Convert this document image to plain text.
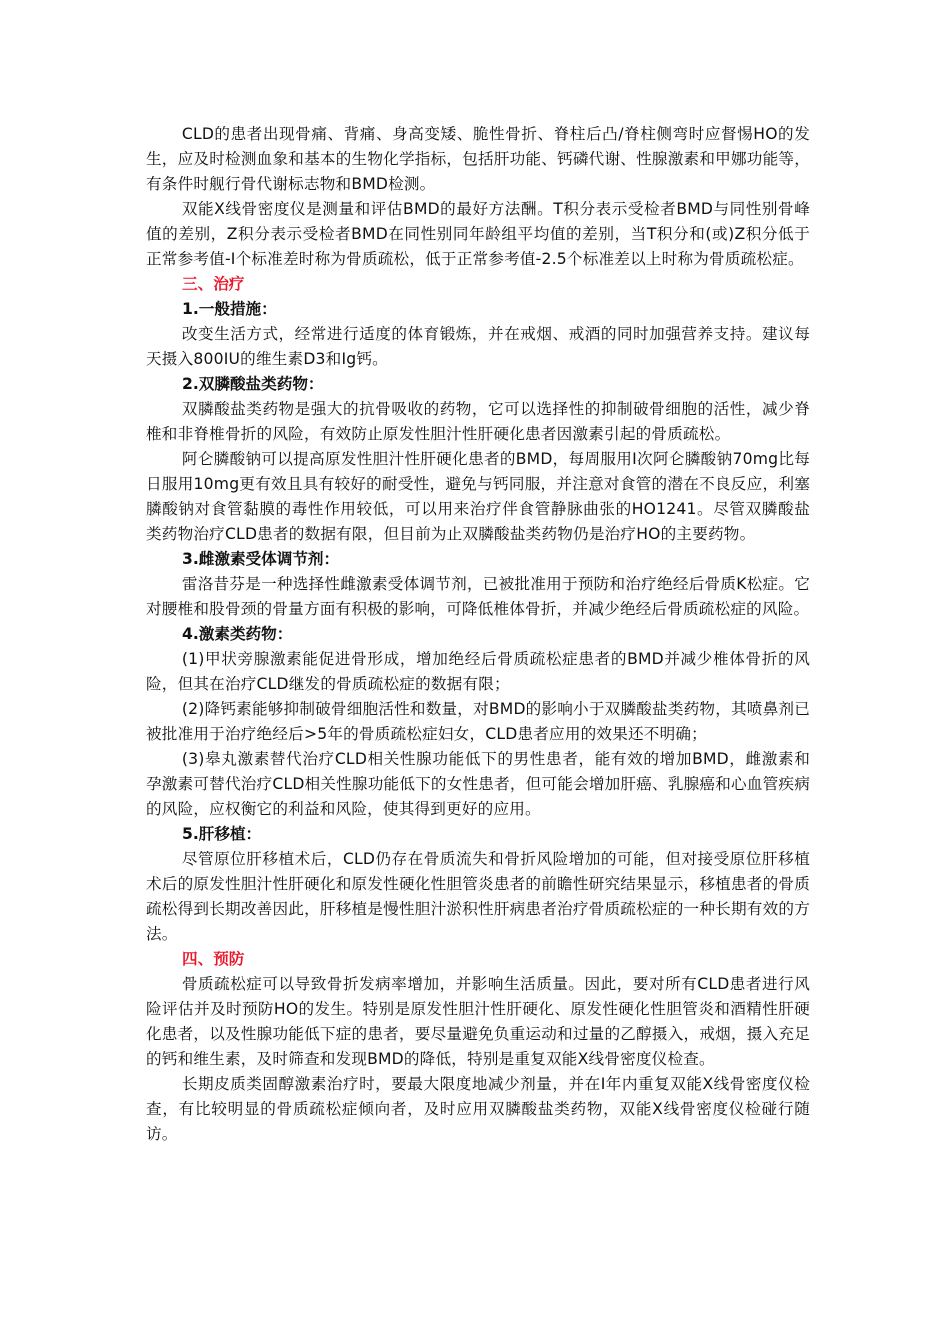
CLD的患者出现骨痛、背痛、身高变矮、脆性骨折、脊柱后凸/脊柱侧弯时应督惕HO的发生，应及时检测血象和基本的生物化学指标，包括肝功能、钙磷代谢、性腺激素和甲娜功能等，有条件时舰行骨代谢标志物和BMD检测。

双能X线骨密度仪是测量和评估BMD的最好方法酬。T积分表示受检者BMD与同性别骨峰值的差别，Z积分表示受检者BMD在同性别同年龄组平均值的差别，当T积分和(或)Z积分低于正常参考值-I个标准差时称为骨质疏松，低于正常参考值-2.5个标准差以上时称为骨质疏松症。

三、治疗

1.一般措施：

改变生活方式，经常进行适度的体育锻炼，并在戒烟、戒酒的同时加强营养支持。建议每天摄入800IU的维生素D3和Ig钙。

2.双膦酸盐类药物：

双膦酸盐类药物是强大的抗骨吸收的药物，它可以选择性的抑制破骨细胞的活性，减少脊椎和非脊椎骨折的风险，有效防止原发性胆汁性肝硬化患者因激素引起的骨质疏松。

阿仑膦酸钠可以提高原发性胆汁性肝硬化患者的BMD，每周服用I次阿仑膦酸钠70mg比每日服用10mg更有效且具有较好的耐受性，避免与钙同服，并注意对食管的潜在不良反应，利塞膦酸钠对食管黏膜的毒性作用较低，可以用来治疗伴食管静脉曲张的HO1241。尽管双膦酸盐类药物治疗CLD患者的数据有限，但目前为止双膦酸盐类药物仍是治疗HO的主要药物。

3.雌激素受体调节剂：

雷洛昔芬是一种选择性雌激素受体调节剂，已被批准用于预防和治疗绝经后骨质K松症。它对腰椎和股骨颈的骨量方面有积极的影响，可降低椎体骨折，并减少绝经后骨质疏松症的风险。

4.激素类药物：

(1)甲状旁腺激素能促进骨形成，增加绝经后骨质疏松症患者的BMD并减少椎体骨折的风险，但其在治疗CLD继发的骨质疏松症的数据有限；

(2)降钙素能够抑制破骨细胞活性和数量，对BMD的影响小于双膦酸盐类药物，其喷鼻剂已被批准用于治疗绝经后>5年的骨质疏松症妇女，CLD患者应用的效果还不明确；

(3)皋丸激素替代治疗CLD相关性腺功能低下的男性患者，能有效的增加BMD，雌激素和孕激素可替代治疗CLD相关性腺功能低下的女性患者，但可能会增加肝癌、乳腺癌和心血管疾病的风险，应权衡它的利益和风险，使其得到更好的应用。

5.肝移植：

尽管原位肝移植术后，CLD仍存在骨质流失和骨折风险增加的可能，但对接受原位肝移植术后的原发性胆汁性肝硬化和原发性硬化性胆管炎患者的前瞻性研究结果显示，移植患者的骨质疏松得到长期改善因此，肝移植是慢性胆汁淤积性肝病患者治疗骨质疏松症的一种长期有效的方法。

四、预防

骨质疏松症可以导致骨折发病率增加，并影响生活质量。因此，要对所有CLD患者进行风险评估并及时预防HO的发生。特别是原发性胆汁性肝硬化、原发性硬化性胆管炎和酒精性肝硬化患者，以及性腺功能低下症的患者，要尽量避免负重运动和过量的乙醇摄入，戒烟，摄入充足的钙和维生素，及时筛查和发现BMD的降低，特别是重复双能X线骨密度仪检查。

长期皮质类固醇激素治疗时，要最大限度地减少剂量，并在I年内重复双能X线骨密度仪检查，有比较明显的骨质疏松症倾向者，及时应用双膦酸盐类药物，双能X线骨密度仪检碰行随访。
